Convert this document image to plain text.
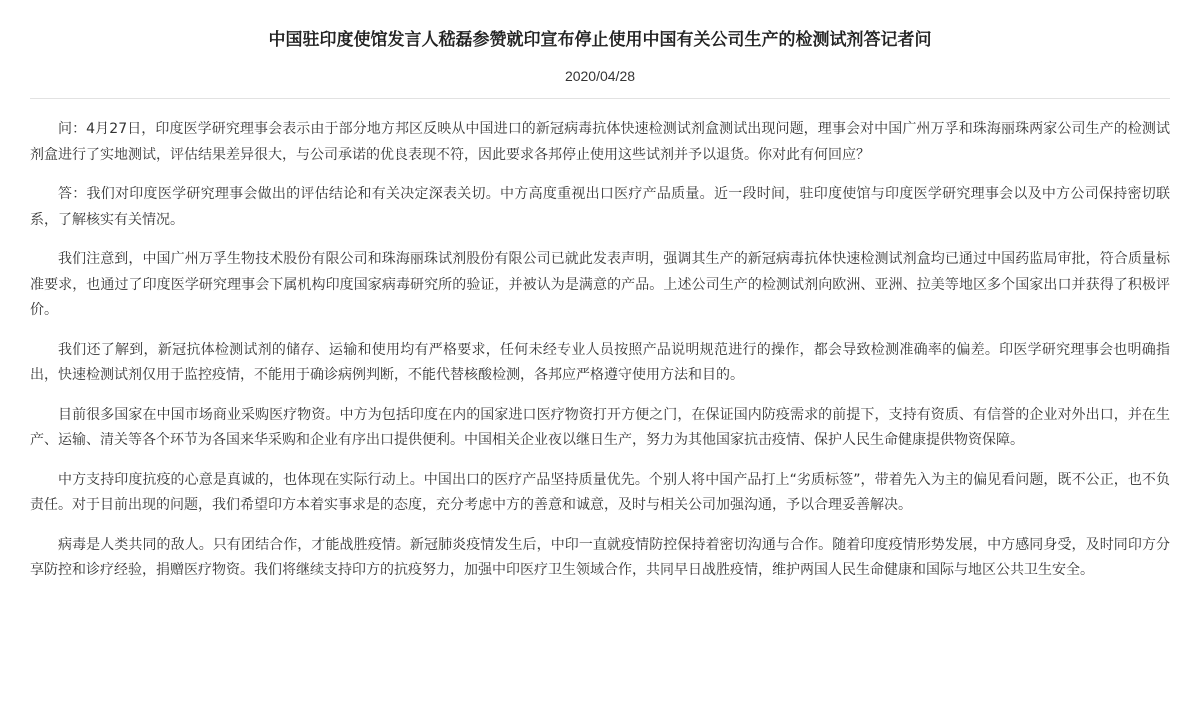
中国驻印度使馆发言人嵇磊参赞就印宣布停止使用中国有关公司生产的检测试剂答记者问
2020/04/28

问：4月27日，印度医学研究理事会表示由于部分地方邦区反映从中国进口的新冠病毒抗体快速检测试剂盒测试出现问题，理事会对中国广州万孚和珠海丽珠两家公司生产的检测试剂盒进行了实地测试，评估结果差异很大，与公司承诺的优良表现不符，因此要求各邦停止使用这些试剂并予以退货。你对此有何回应？

答：我们对印度医学研究理事会做出的评估结论和有关决定深表关切。中方高度重视出口医疗产品质量。近一段时间，驻印度使馆与印度医学研究理事会以及中方公司保持密切联系，了解核实有关情况。

我们注意到，中国广州万孚生物技术股份有限公司和珠海丽珠试剂股份有限公司已就此发表声明，强调其生产的新冠病毒抗体快速检测试剂盒均已通过中国药监局审批，符合质量标准要求，也通过了印度医学研究理事会下属机构印度国家病毒研究所的验证，并被认为是满意的产品。上述公司生产的检测试剂向欧洲、亚洲、拉美等地区多个国家出口并获得了积极评价。

我们还了解到，新冠抗体检测试剂的储存、运输和使用均有严格要求，任何未经专业人员按照产品说明规范进行的操作，都会导致检测准确率的偏差。印医学研究理事会也明确指出，快速检测试剂仅用于监控疫情，不能用于确诊病例判断，不能代替核酸检测，各邦应严格遵守使用方法和目的。

目前很多国家在中国市场商业采购医疗物资。中方为包括印度在内的国家进口医疗物资打开方便之门，在保证国内防疫需求的前提下，支持有资质、有信誉的企业对外出口，并在生产、运输、清关等各个环节为各国来华采购和企业有序出口提供便利。中国相关企业夜以继日生产，努力为其他国家抗击疫情、保护人民生命健康提供物资保障。

中方支持印度抗疫的心意是真诚的，也体现在实际行动上。中国出口的医疗产品坚持质量优先。个别人将中国产品打上“劣质标签”，带着先入为主的偏见看问题，既不公正，也不负责任。对于目前出现的问题，我们希望印方本着实事求是的态度，充分考虑中方的善意和诚意，及时与相关公司加强沟通，予以合理妥善解决。

病毒是人类共同的敌人。只有团结合作，才能战胜疫情。新冠肺炎疫情发生后，中印一直就疫情防控保持着密切沟通与合作。随着印度疫情形势发展，中方感同身受，及时同印方分享防控和诊疗经验，捐赠医疗物资。我们将继续支持印方的抗疫努力，加强中印医疗卫生领域合作，共同早日战胜疫情，维护两国人民生命健康和国际与地区公共卫生安全。
